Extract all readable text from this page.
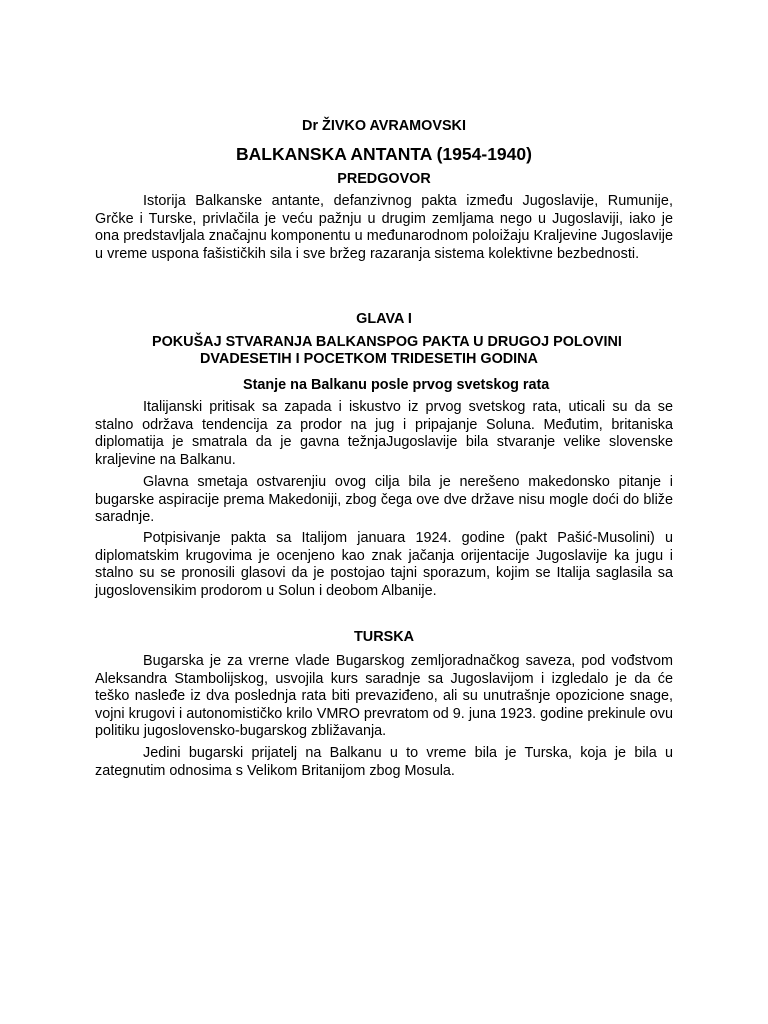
Dr ŽIVKO AVRAMOVSKI
BALKANSKA ANTANTA (1954-1940)
PREDGOVOR
Istorija Balkanske antante, defanzivnog pakta između Jugoslavije, Rumunije, Grčke i Turske, privlačila je veću pažnju u drugim zemljama nego u Jugoslaviji, iako je ona predstavljala značajnu komponentu u međunarodnom poloižaju Kraljevine Jugoslavije u vreme uspona fašističkih sila i sve bržeg razaranja sistema kolektivne bezbednosti.
GLAVA I
POKUŠAJ STVARANJA BALKANSPOG PAKTA U DRUGOJ POLOVINI
DVADESETIH I POCETKOM TRIDESETIH GODINA
Stanje na Balkanu posle prvog svetskog rata
Italijanski pritisak sa zapada i iskustvo iz prvog svetskog rata, uticali su da se stalno održava tendencija za prodor na jug i pripajanje Soluna. Međutim, britaniska diplomatija je smatrala da je gavna težnjaJugoslavije bila stvaranje velike slovenske kraljevine na Balkanu.
Glavna smetaja ostvarenjiu ovog cilja bila je nerešeno makedonsko pitanje i bugarske aspiracije prema Makedoniji, zbog čega ove dve države nisu mogle doći do bliže saradnje.
Potpisivanje pakta sa Italijom januara 1924. godine (pakt Pašić-Musolini) u diplomatskim krugovima je ocenjeno kao znak jačanja orijentacije Jugoslavije ka jugu i stalno su se pronosili glasovi da je postojao tajni sporazum, kojim se Italija saglasila sa jugoslovensikim prodorom u Solun i deobom Albanije.
TURSKA
Bugarska je za vrerne vlade Bugarskog zemljoradnačkog saveza, pod vođstvom Aleksandra Stambolijskog, usvojila kurs saradnje sa Jugoslavijom i izgledalo je da će teško nasleđe iz dva poslednja rata biti prevaziđeno, ali su unutrašnje opozicione snage, vojni krugovi i autonomističko krilo VMRO prevratom od 9. juna 1923. godine prekinule ovu politiku jugoslovensko-bugarskog zbližavanja.
Jedini bugarski prijatelj na Balkanu u to vreme bila je Turska, koja je bila u zategnutim odnosima s Velikom Britanijom zbog Mosula.
